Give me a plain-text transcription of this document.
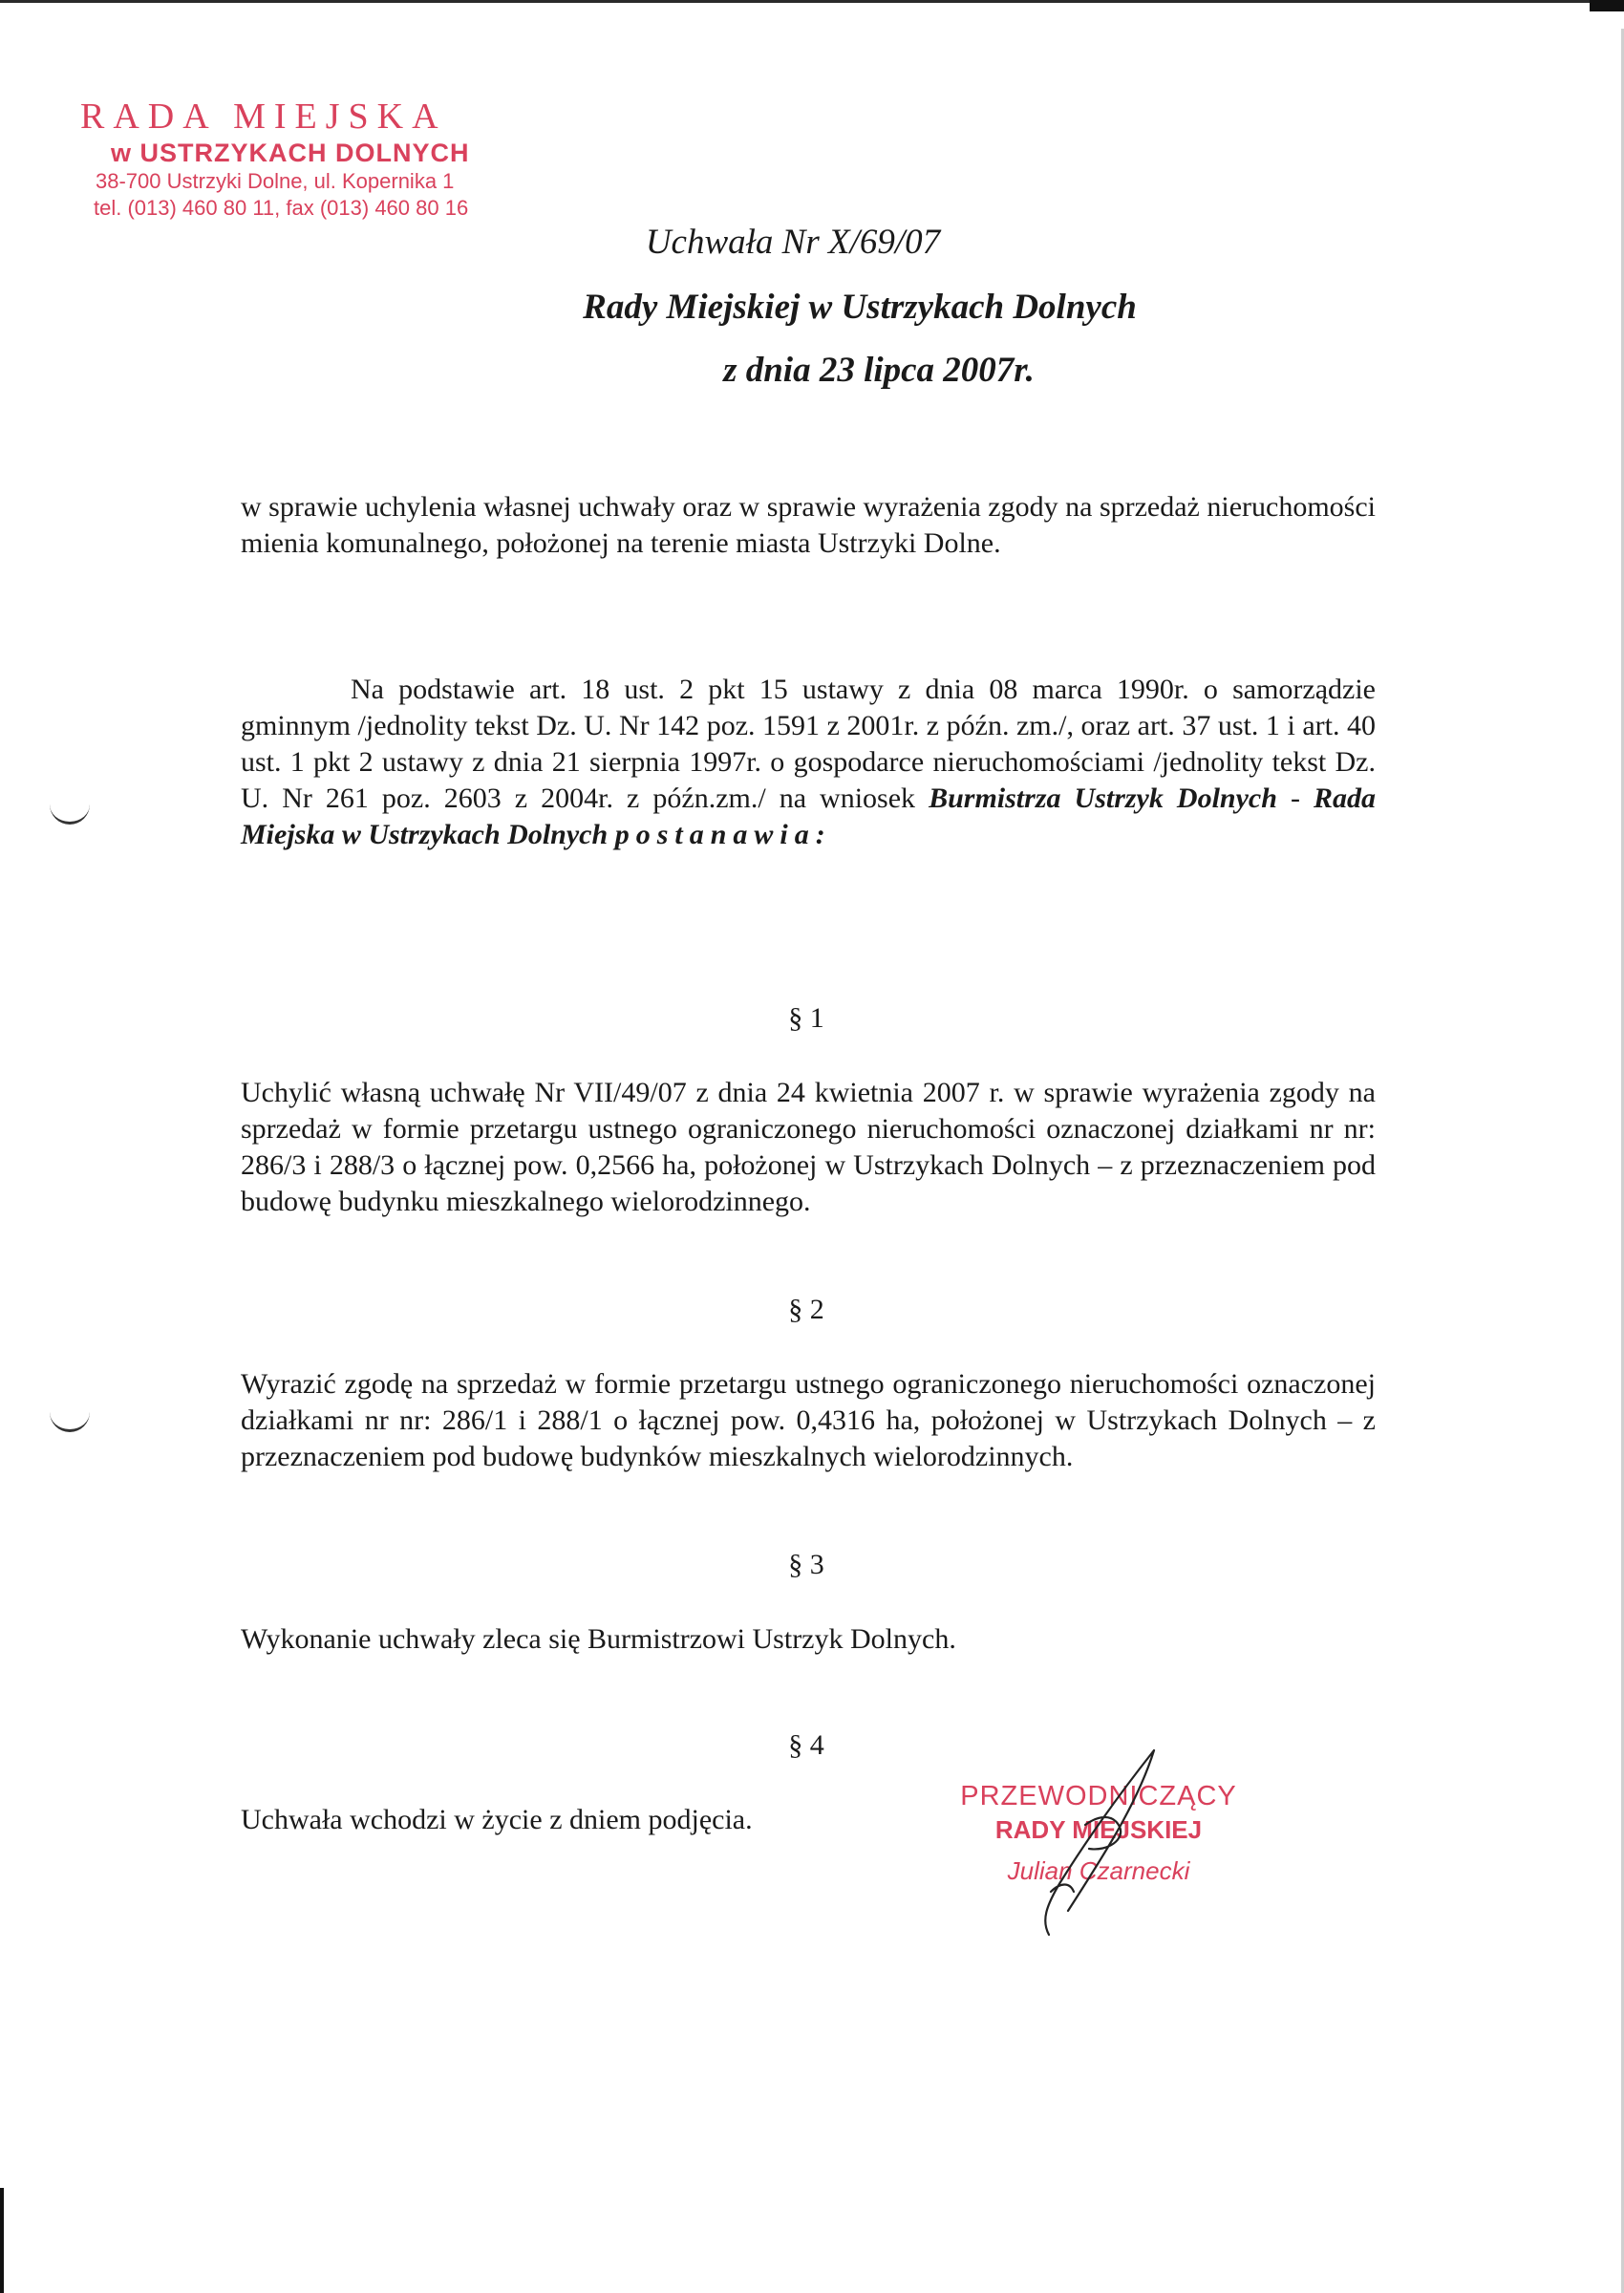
RADA MIEJSKA
w USTRZYKACH DOLNYCH
38-700 Ustrzyki Dolne, ul. Kopernika 1
tel. (013) 460 80 11, fax (013) 460 80 16
Uchwała Nr X/69/07
Rady Miejskiej w Ustrzykach Dolnych
z dnia 23 lipca 2007r.
w sprawie uchylenia własnej uchwały oraz w sprawie wyrażenia zgody na sprzedaż nieruchomości mienia komunalnego, położonej na terenie miasta Ustrzyki Dolne.
Na podstawie art. 18 ust. 2 pkt 15 ustawy z dnia 08 marca 1990r. o samorządzie gminnym /jednolity tekst Dz. U. Nr 142 poz. 1591 z 2001r. z późn. zm./, oraz art. 37 ust. 1 i art. 40 ust. 1 pkt 2 ustawy z dnia 21 sierpnia 1997r. o gospodarce nieruchomościami /jednolity tekst Dz. U. Nr 261 poz. 2603 z 2004r. z późn.zm./ na wniosek Burmistrza Ustrzyk Dolnych - Rada Miejska w Ustrzykach Dolnych postanawia:
§ 1
Uchylić własną uchwałę Nr VII/49/07 z dnia 24 kwietnia 2007 r. w sprawie wyrażenia zgody na sprzedaż w formie przetargu ustnego ograniczonego nieruchomości oznaczonej działkami nr nr: 286/3 i 288/3 o łącznej pow. 0,2566 ha, położonej w Ustrzykach Dolnych – z przeznaczeniem pod budowę budynku mieszkalnego wielorodzinnego.
§ 2
Wyrazić zgodę na sprzedaż w formie przetargu ustnego ograniczonego nieruchomości oznaczonej działkami nr nr: 286/1 i 288/1 o łącznej pow. 0,4316 ha, położonej w Ustrzykach Dolnych – z przeznaczeniem pod budowę budynków mieszkalnych wielorodzinnych.
§ 3
Wykonanie uchwały zleca się Burmistrzowi Ustrzyk Dolnych.
§ 4
Uchwała wchodzi w życie z dniem podjęcia.
PRZEWODNICZĄCY
RADY MIEJSKIEJ
Julian Czarnecki
